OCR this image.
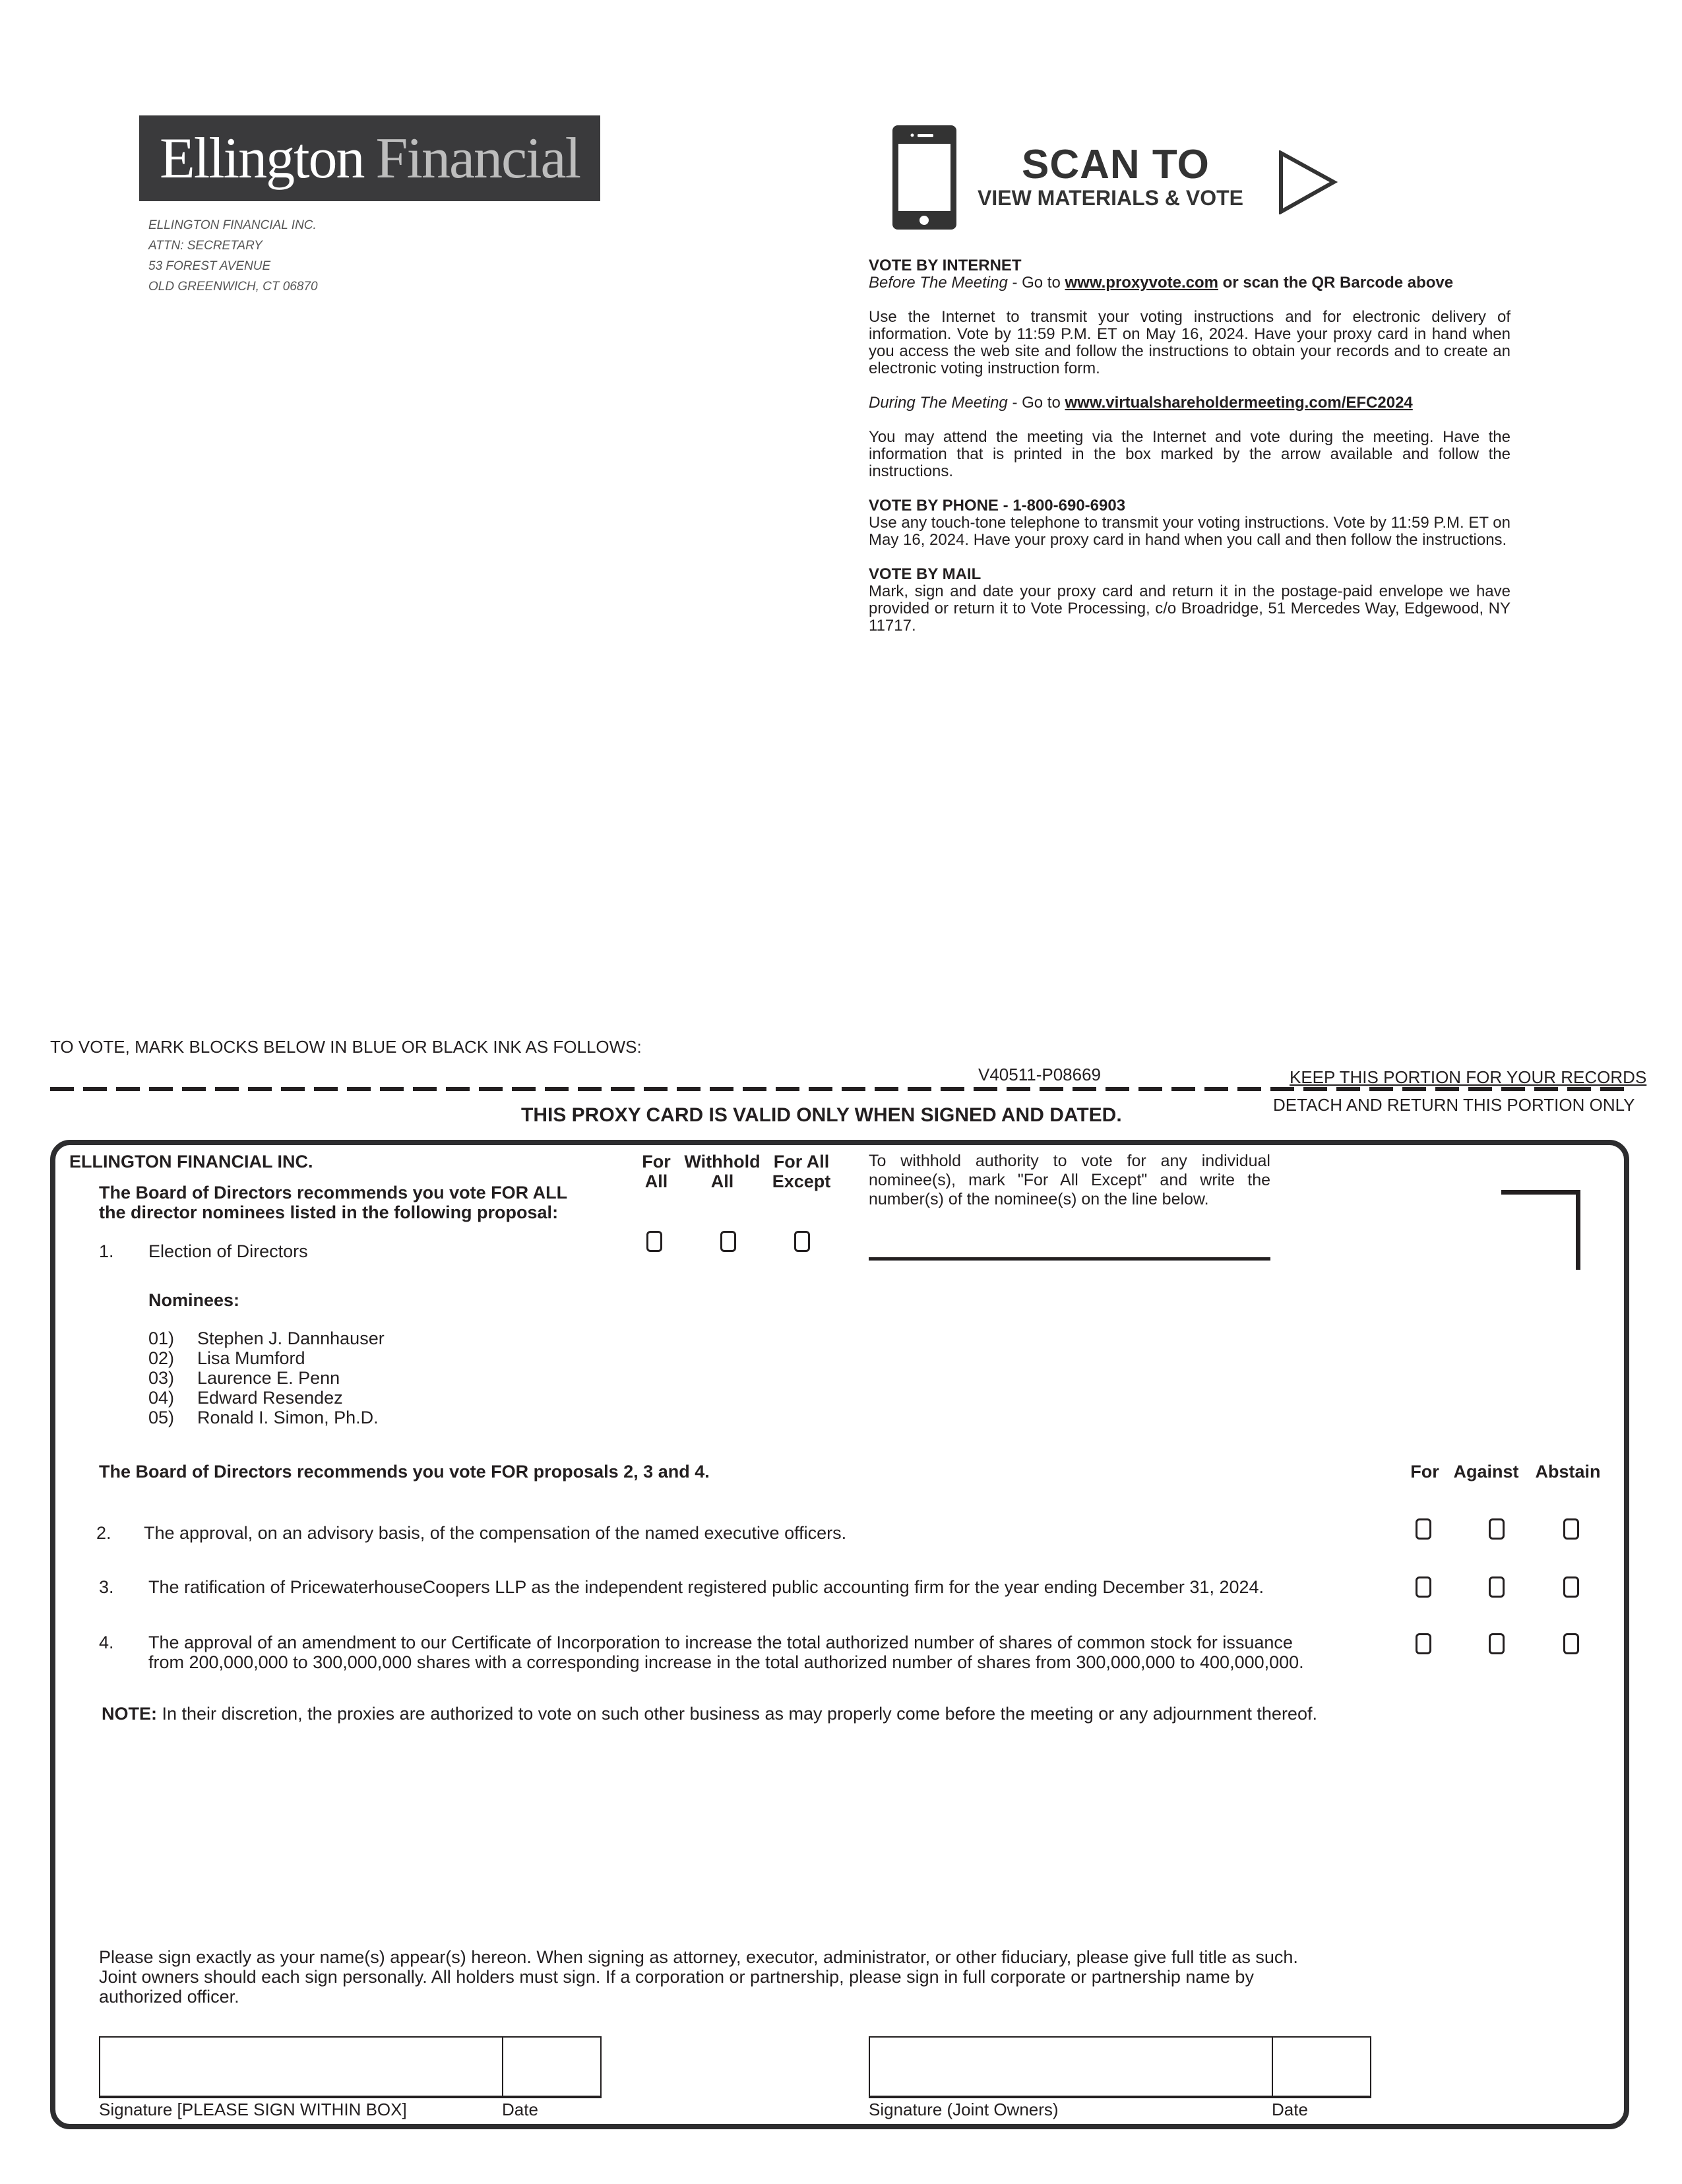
Ellington Financial
ELLINGTON FINANCIAL INC.
ATTN: SECRETARY
53 FOREST AVENUE
OLD GREENWICH, CT 06870
SCAN TO
VIEW MATERIALS & VOTE
VOTE BY INTERNET
Before The Meeting - Go to www.proxyvote.com or scan the QR Barcode above
Use the Internet to transmit your voting instructions and for electronic delivery of information. Vote by 11:59 P.M. ET on May 16, 2024. Have your proxy card in hand when you access the web site and follow the instructions to obtain your records and to create an electronic voting instruction form.
During The Meeting - Go to www.virtualshareholdermeeting.com/EFC2024
You may attend the meeting via the Internet and vote during the meeting. Have the information that is printed in the box marked by the arrow available and follow the instructions.
VOTE BY PHONE - 1-800-690-6903
Use any touch-tone telephone to transmit your voting instructions. Vote by 11:59 P.M. ET on May 16, 2024. Have your proxy card in hand when you call and then follow the instructions.
VOTE BY MAIL
Mark, sign and date your proxy card and return it in the postage-paid envelope we have provided or return it to Vote Processing, c/o Broadridge, 51 Mercedes Way, Edgewood, NY 11717.
TO VOTE, MARK BLOCKS BELOW IN BLUE OR BLACK INK AS FOLLOWS:
V40511-P08669	KEEP THIS PORTION FOR YOUR RECORDS
DETACH AND RETURN THIS PORTION ONLY
THIS PROXY CARD IS VALID ONLY WHEN SIGNED AND DATED.
ELLINGTON FINANCIAL INC.
The Board of Directors recommends you vote FOR ALL
the director nominees listed in the following proposal:
For
All
Withhold
All
For All
Except
To withhold authority to vote for any individual nominee(s), mark "For All Except" and write the number(s) of the nominee(s) on the line below.
1. Election of Directors
Nominees:
01) Stephen J. Dannhauser
02) Lisa Mumford
03) Laurence E. Penn
04) Edward Resendez
05) Ronald I. Simon, Ph.D.
The Board of Directors recommends you vote FOR proposals 2, 3 and 4.	For Against Abstain
2. The approval, on an advisory basis, of the compensation of the named executive officers.
3. The ratification of PricewaterhouseCoopers LLP as the independent registered public accounting firm for the year ending December 31, 2024.
4. The approval of an amendment to our Certificate of Incorporation to increase the total authorized number of shares of common stock for issuance
from 200,000,000 to 300,000,000 shares with a corresponding increase in the total authorized number of shares from 300,000,000 to 400,000,000.
NOTE: In their discretion, the proxies are authorized to vote on such other business as may properly come before the meeting or any adjournment thereof.
Please sign exactly as your name(s) appear(s) hereon. When signing as attorney, executor, administrator, or other fiduciary, please give full title as such.
Joint owners should each sign personally. All holders must sign. If a corporation or partnership, please sign in full corporate or partnership name by
authorized officer.
Signature [PLEASE SIGN WITHIN BOX]	Date	Signature (Joint Owners)	Date
